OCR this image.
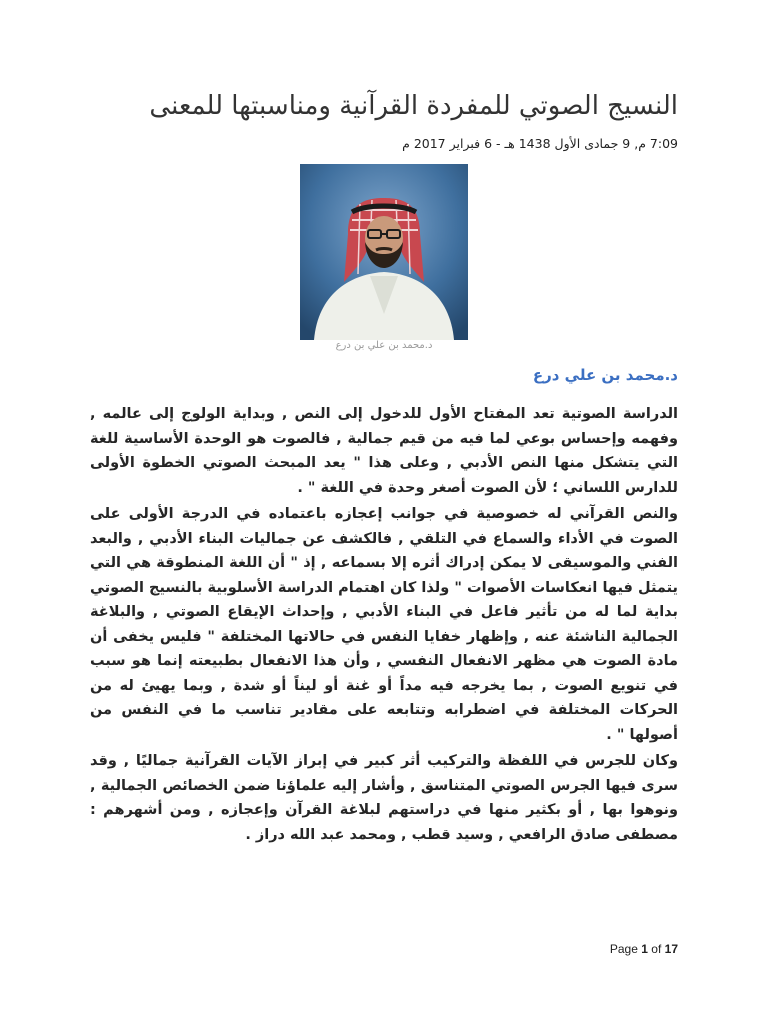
النسيج الصوتي للمفردة القرآنية ومناسبتها للمعنى
7:09 م, 9 جمادى الأول 1438 هـ - 6 فبراير 2017 م
د.محمد بن علي بن درع
د.محمد بن علي درع

الدراسة الصوتية تعد المفتاح الأول للدخول إلى النص , وبداية الولوج إلى عالمه , وفهمه وإحساس بوعي لما فيه من قيم جمالية , فالصوت هو الوحدة الأساسية للغة التي يتشكل منها النص الأدبي , وعلى هذا " يعد المبحث الصوتي الخطوة الأولى للدارس اللساني ؛ لأن الصوت أصغر وحدة في اللغة " .

والنص القرآني له خصوصية في جوانب إعجازه باعتماده في الدرجة الأولى على الصوت في الأداء والسماع في التلقي , فالكشف عن جماليات البناء الأدبي , والبعد الفني والموسيقى لا يمكن إدراك أثره إلا بسماعه , إذ " أن اللغة المنطوقة هي التي يتمثل فيها انعكاسات الأصوات " ولذا كان اهتمام الدراسة الأسلوبية بالنسيج الصوتي بداية لما له من تأثير فاعل في البناء الأدبي , وإحداث الإيقاع الصوتي , والبلاغة الجمالية الناشئة عنه , وإظهار خفايا النفس في حالاتها المختلفة " فليس يخفى أن مادة الصوت هي مظهر الانفعال النفسي , وأن هذا الانفعال بطبيعته إنما هو سبب في تنويع الصوت , بما يخرجه فيه مداً أو غنة أو ليناً أو شدة , وبما يهيئ له من الحركات المختلفة في اضطرابه وتتابعه على مقادير تناسب ما في النفس من أصولها " .

وكان للجرس في اللفظة والتركيب أثر كبير في إبراز الآيات القرآنية جماليًا , وقد سرى فيها الجرس الصوتي المتناسق , وأشار إليه علماؤنا ضمن الخصائص الجمالية , ونوهوا بها , أو بكثير منها في دراستهم لبلاغة القرآن وإعجازه , ومن أشهرهم : مصطفى صادق الرافعي , وسيد قطب , ومحمد عبد الله دراز .

Page 1 of 17
